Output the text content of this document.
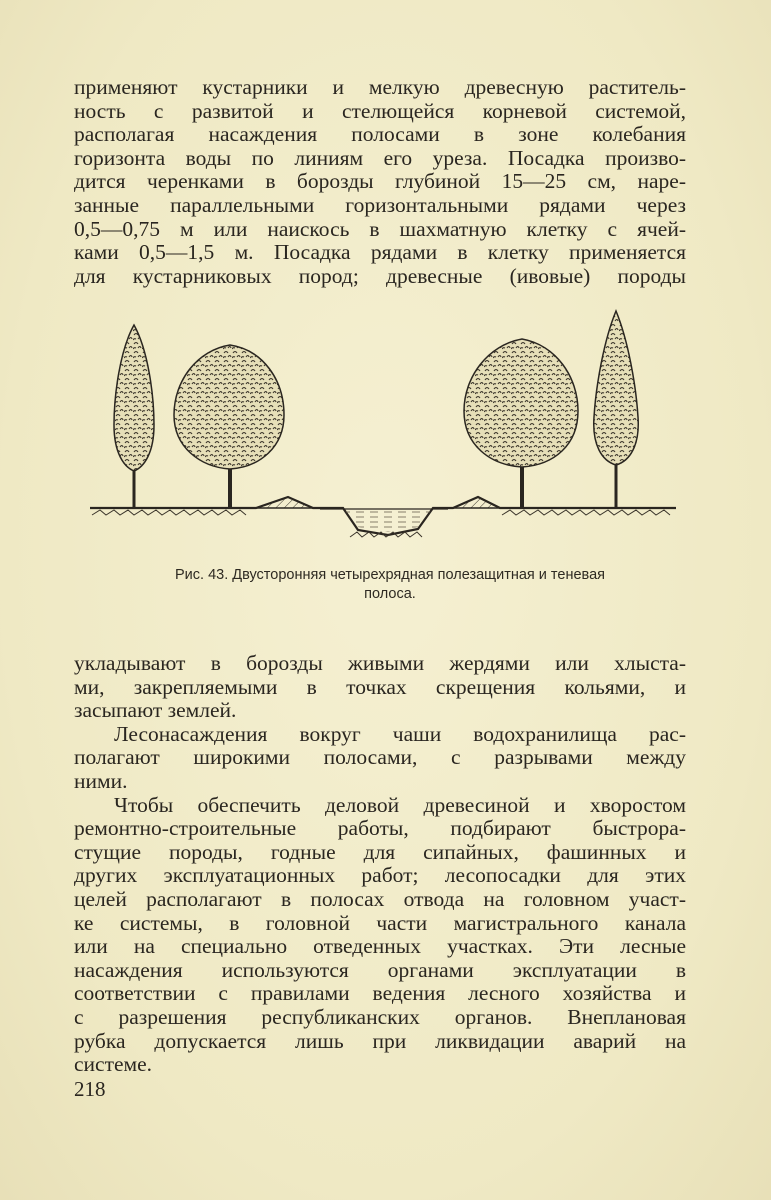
применяют кустарники и мелкую древесную раститель-
ность с развитой и стелющейся корневой системой,
располагая насаждения полосами в зоне колебания
горизонта воды по линиям его уреза. Посадка произво-
дится черенками в борозды глубиной 15—25 см, наре-
занные параллельными горизонтальными рядами через
0,5—0,75 м или наискось в шахматную клетку с ячей-
ками 0,5—1,5 м. Посадка рядами в клетку применяется
для кустарниковых пород; древесные (ивовые) породы
Рис. 43. Двусторонняя четырехрядная полезащитная и теневая
полоса.
укладывают в борозды живыми жердями или хлыста-
ми, закрепляемыми в точках скрещения кольями, и
засыпают землей.
Лесонасаждения вокруг чаши водохранилища рас-
полагают широкими полосами, с разрывами между
ними.
Чтобы обеспечить деловой древесиной и хворостом
ремонтно-строительные работы, подбирают быстрора-
стущие породы, годные для сипайных, фашинных и
других эксплуатационных работ; лесопосадки для этих
целей располагают в полосах отвода на головном участ-
ке системы, в головной части магистрального канала
или на специально отведенных участках. Эти лесные
насаждения используются органами эксплуатации в
соответствии с правилами ведения лесного хозяйства и
с разрешения республиканских органов. Внеплановая
рубка допускается лишь при ликвидации аварий на
системе.
218
